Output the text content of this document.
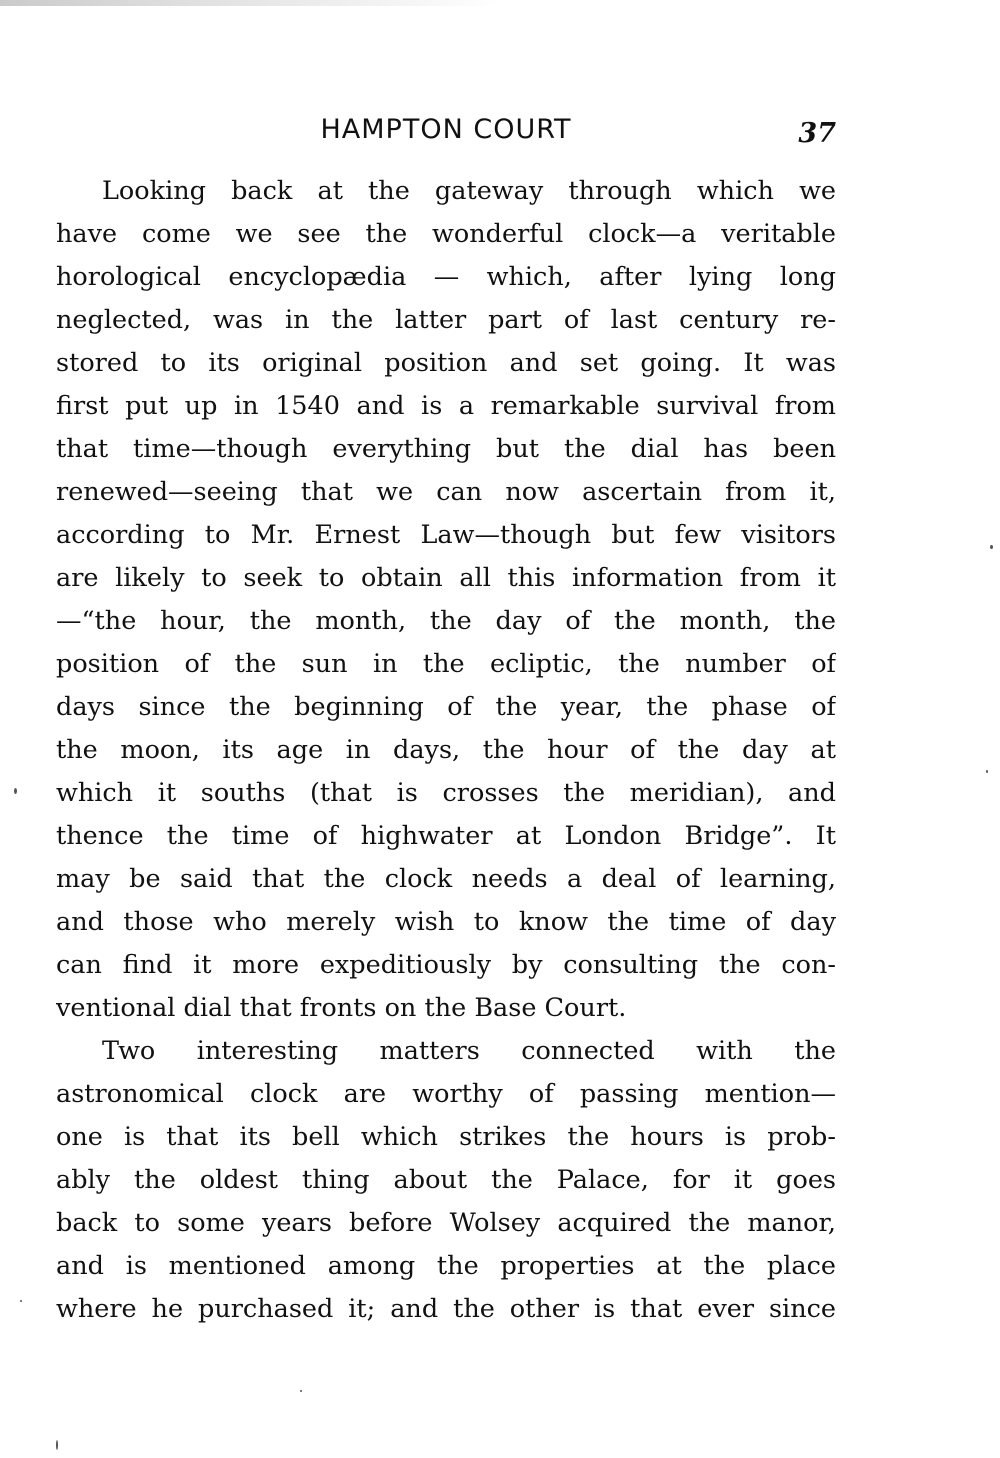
HAMPTON COURT	37
Looking back at the gateway through which we
have come we see the wonderful clock—a veritable
horological encyclopædia — which, after lying long
neglected, was in the latter part of last century re-
stored to its original position and set going. It was
first put up in 1540 and is a remarkable survival from
that time—though everything but the dial has been
renewed—seeing that we can now ascertain from it,
according to Mr. Ernest Law—though but few visitors
are likely to seek to obtain all this information from it
—“the hour, the month, the day of the month, the
position of the sun in the ecliptic, the number of
days since the beginning of the year, the phase of
the moon, its age in days, the hour of the day at
which it souths (that is crosses the meridian), and
thence the time of highwater at London Bridge”. It
may be said that the clock needs a deal of learning,
and those who merely wish to know the time of day
can find it more expeditiously by consulting the con-
ventional dial that fronts on the Base Court.
Two interesting matters connected with the
astronomical clock are worthy of passing mention—
one is that its bell which strikes the hours is prob-
ably the oldest thing about the Palace, for it goes
back to some years before Wolsey acquired the manor,
and is mentioned among the properties at the place
where he purchased it; and the other is that ever since
